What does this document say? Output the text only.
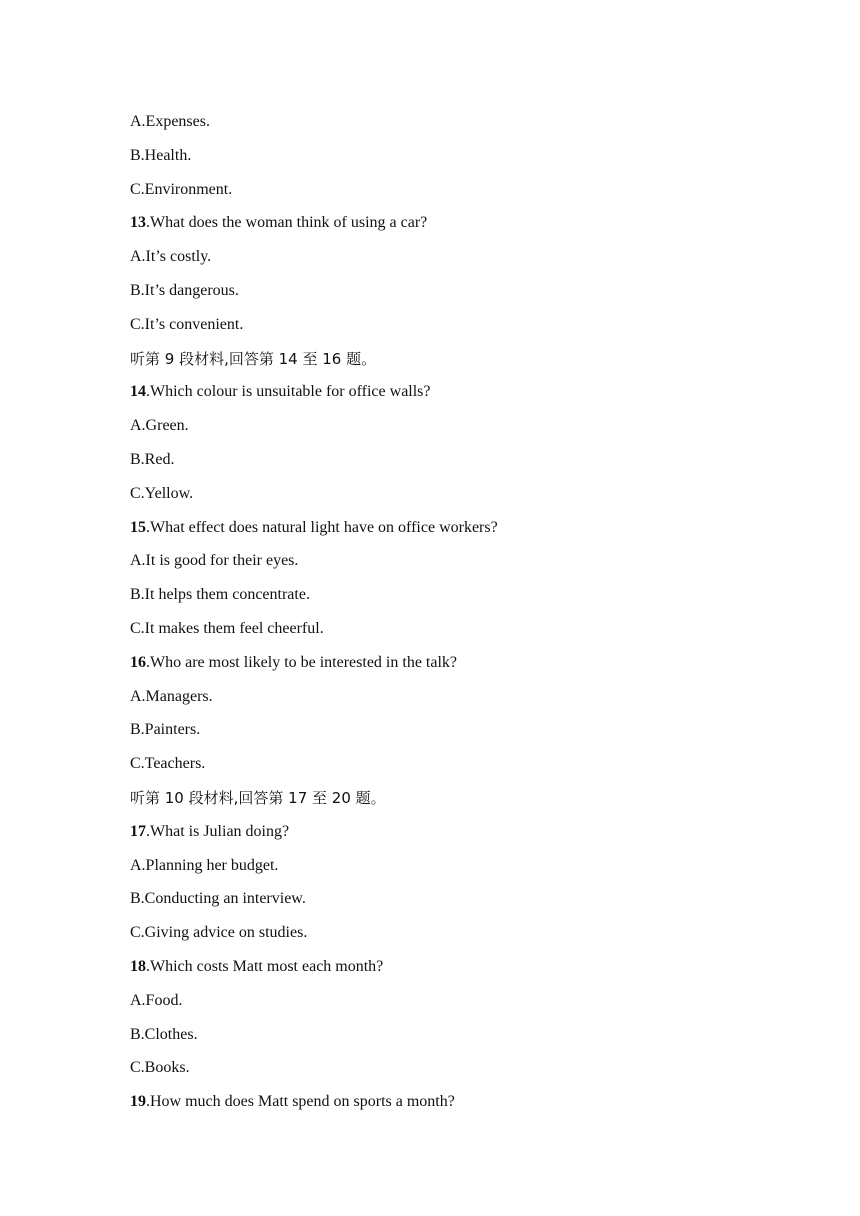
A.Expenses.
B.Health.
C.Environment.
13.What does the woman think of using a car?
A.It’s costly.
B.It’s dangerous.
C.It’s convenient.
听第 9 段材料,回答第 14 至 16 题。
14.Which colour is unsuitable for office walls?
A.Green.
B.Red.
C.Yellow.
15.What effect does natural light have on office workers?
A.It is good for their eyes.
B.It helps them concentrate.
C.It makes them feel cheerful.
16.Who are most likely to be interested in the talk?
A.Managers.
B.Painters.
C.Teachers.
听第 10 段材料,回答第 17 至 20 题。
17.What is Julian doing?
A.Planning her budget.
B.Conducting an interview.
C.Giving advice on studies.
18.Which costs Matt most each month?
A.Food.
B.Clothes.
C.Books.
19.How much does Matt spend on sports a month?
